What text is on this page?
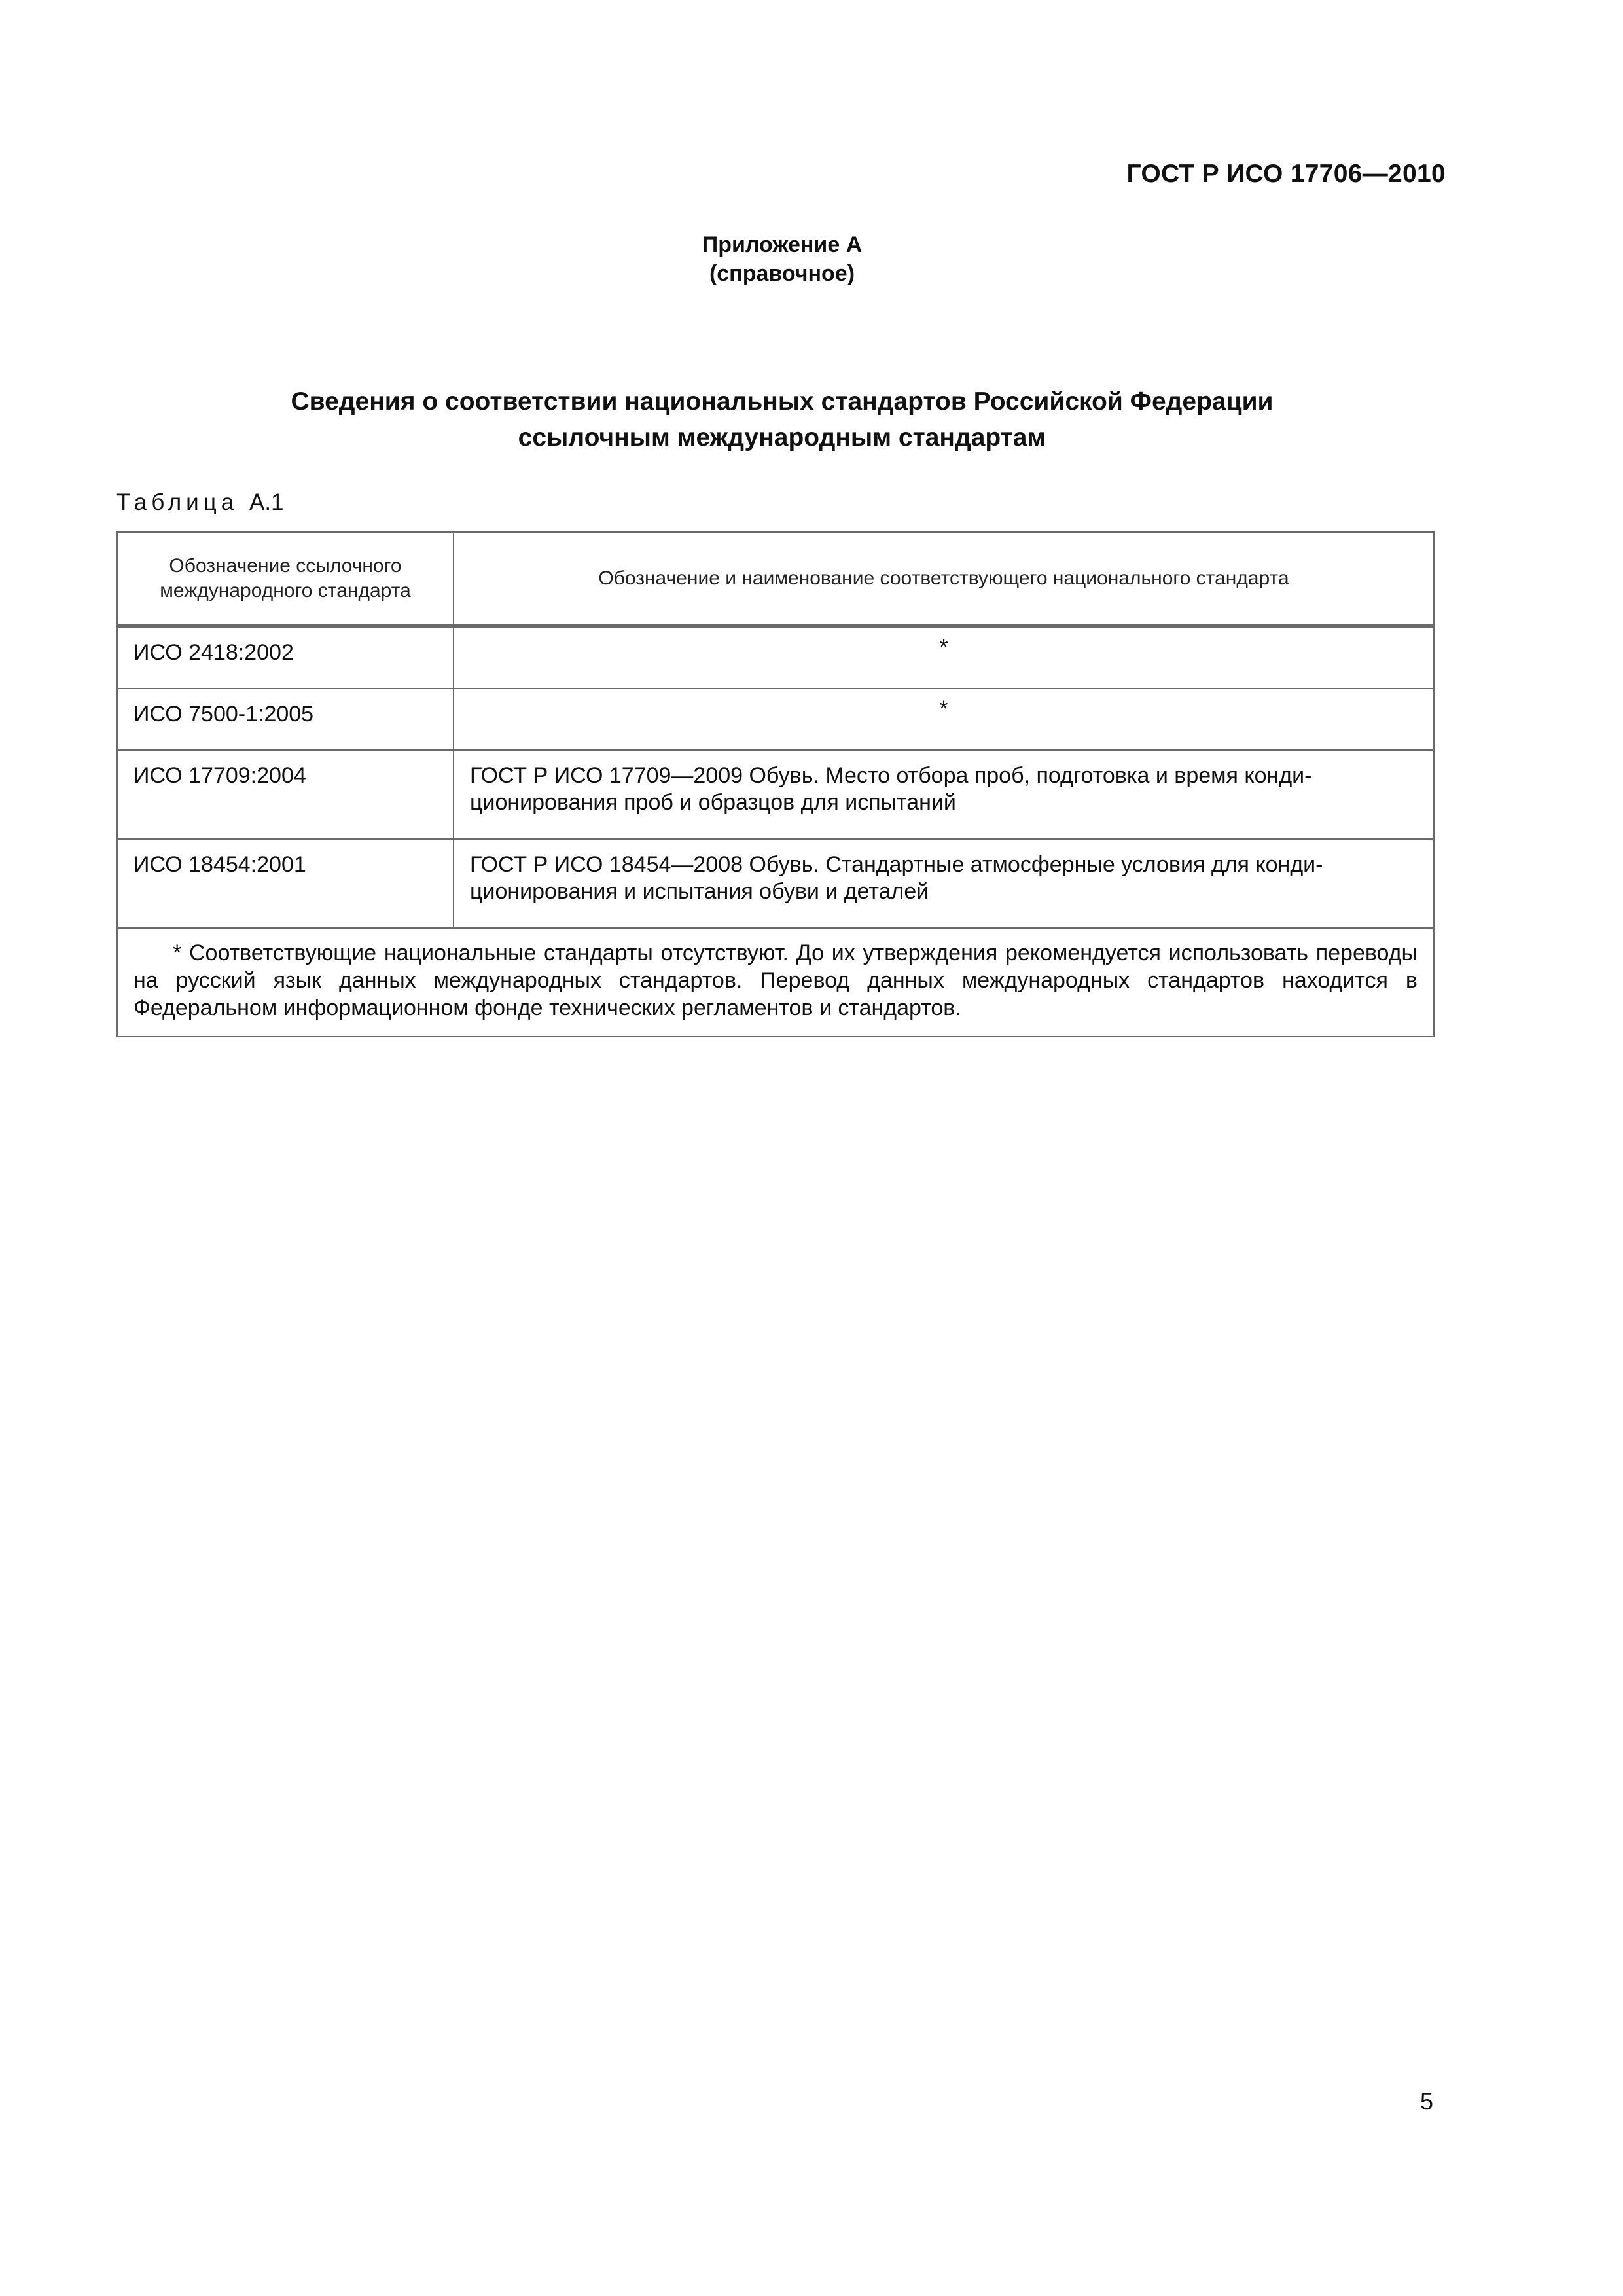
ГОСТ Р ИСО 17706—2010
Приложение А
(справочное)
Сведения о соответствии национальных стандартов Российской Федерации
ссылочным международным стандартам
Таблица А.1
Обозначение ссылочного
международного стандарта	Обозначение и наименование соответствующего национального стандарта

ИСО 2418:2002	*
ИСО 7500-1:2005	*
ИСО 17709:2004	ГОСТ Р ИСО 17709—2009 Обувь. Место отбора проб, подготовка и время конди-
ционирования проб и образцов для испытаний

ИСО 18454:2001	ГОСТ Р ИСО 18454—2008 Обувь. Стандартные атмосферные условия для конди-
ционирования и испытания обуви и деталей

* Соответствующие национальные стандарты отсутствуют. До их утверждения рекомендуется использовать переводы на русский язык данных международных стандартов. Перевод данных международных стандартов находится в Федеральном информационном фонде технических регламентов и стандартов.	
5
